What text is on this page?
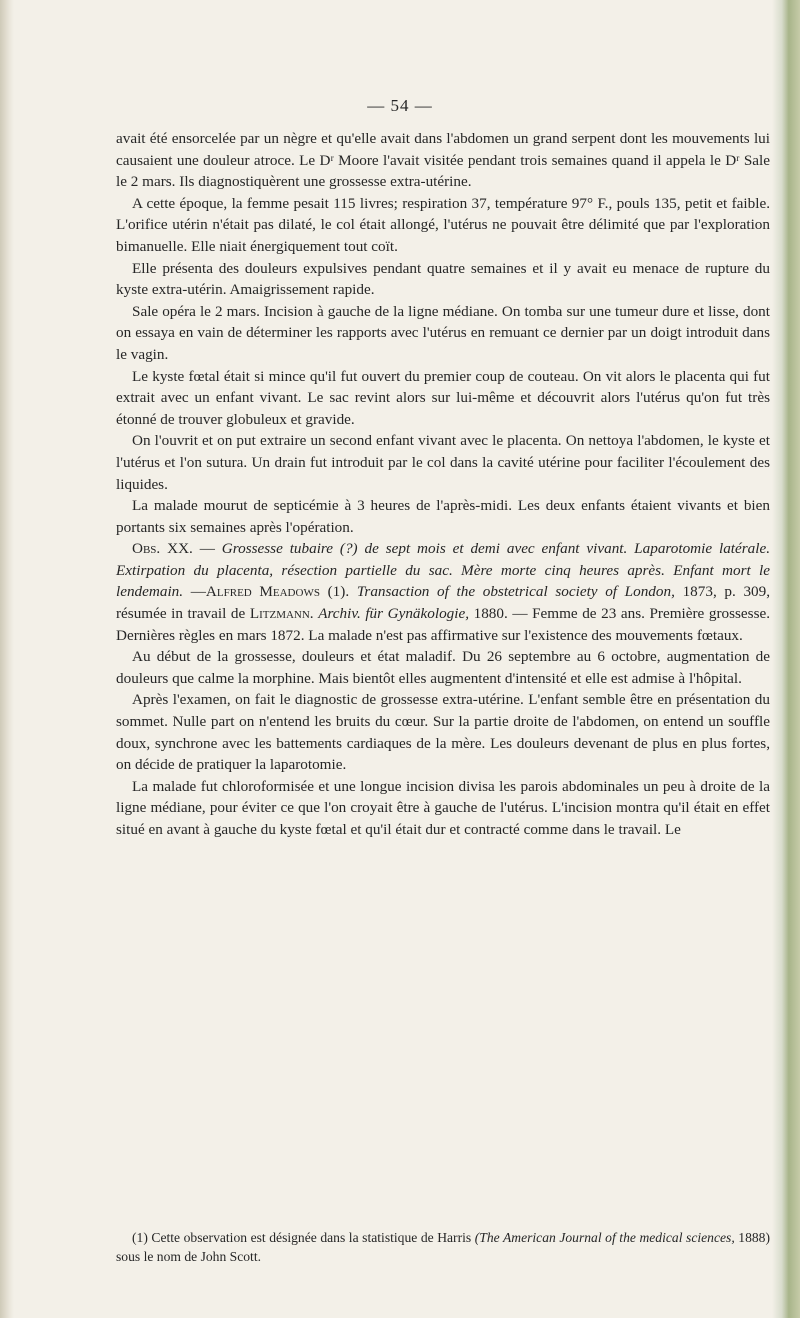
— 54 —

avait été ensorcelée par un nègre et qu'elle avait dans l'abdomen un grand serpent dont les mouvements lui causaient une douleur atroce. Le Dʳ Moore l'avait visitée pendant trois semaines quand il appela le Dʳ Sale le 2 mars. Ils diagnostiquèrent une grossesse extra-utérine.

A cette époque, la femme pesait 115 livres; respiration 37, température 97° F., pouls 135, petit et faible. L'orifice utérin n'était pas dilaté, le col était allongé, l'utérus ne pouvait être délimité que par l'exploration bimanuelle. Elle niait énergiquement tout coït.

Elle présenta des douleurs expulsives pendant quatre semaines et il y avait eu menace de rupture du kyste extra-utérin. Amaigrissement rapide.

Sale opéra le 2 mars. Incision à gauche de la ligne médiane. On tomba sur une tumeur dure et lisse, dont on essaya en vain de déterminer les rapports avec l'utérus en remuant ce dernier par un doigt introduit dans le vagin.

Le kyste fœtal était si mince qu'il fut ouvert du premier coup de couteau. On vit alors le placenta qui fut extrait avec un enfant vivant. Le sac revint alors sur lui-même et découvrit alors l'utérus qu'on fut très étonné de trouver globuleux et gravide.

On l'ouvrit et on put extraire un second enfant vivant avec le placenta. On nettoya l'abdomen, le kyste et l'utérus et l'on sutura. Un drain fut introduit par le col dans la cavité utérine pour faciliter l'écoulement des liquides.

La malade mourut de septicémie à 3 heures de l'après-midi. Les deux enfants étaient vivants et bien portants six semaines après l'opération.

Obs. XX. — Grossesse tubaire (?) de sept mois et demi avec enfant vivant. Laparotomie latérale. Extirpation du placenta, résection partielle du sac. Mère morte cinq heures après. Enfant mort le lendemain. —Alfred Meadows (1). Transaction of the obstetrical society of London, 1873, p. 309, résumée in travail de Litzmann. Archiv. für Gynäkologie, 1880. — Femme de 23 ans. Première grossesse. Dernières règles en mars 1872. La malade n'est pas affirmative sur l'existence des mouvements fœtaux.

Au début de la grossesse, douleurs et état maladif. Du 26 septembre au 6 octobre, augmentation de douleurs que calme la morphine. Mais bientôt elles augmentent d'intensité et elle est admise à l'hôpital.

Après l'examen, on fait le diagnostic de grossesse extra-utérine. L'enfant semble être en présentation du sommet. Nulle part on n'entend les bruits du cœur. Sur la partie droite de l'abdomen, on entend un souffle doux, synchrone avec les battements cardiaques de la mère. Les douleurs devenant de plus en plus fortes, on décide de pratiquer la laparotomie.

La malade fut chloroformisée et une longue incision divisa les parois abdominales un peu à droite de la ligne médiane, pour éviter ce que l'on croyait être à gauche de l'utérus. L'incision montra qu'il était en effet situé en avant à gauche du kyste fœtal et qu'il était dur et contracté comme dans le travail. Le

(1) Cette observation est désignée dans la statistique de Harris (The American Journal of the medical sciences, 1888) sous le nom de John Scott.
